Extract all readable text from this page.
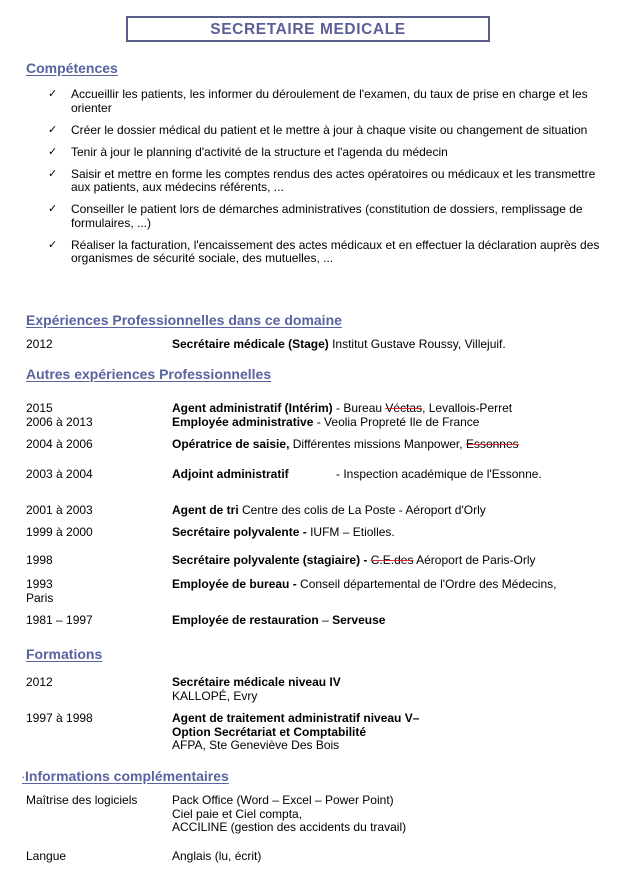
SECRETAIRE MEDICALE
Compétences
✓ Accueillir les patients, les informer du déroulement de l'examen, du taux de prise en charge et les orienter
✓ Créer le dossier médical du patient et le mettre à jour à chaque visite ou changement de situation
✓ Tenir à jour le planning d'activité de la structure et l'agenda du médecin
✓ Saisir et mettre en forme les comptes rendus des actes opératoires ou médicaux et les transmettre aux patients, aux médecins référents, ...
✓ Conseiller le patient lors de démarches administratives (constitution de dossiers, remplissage de formulaires, ...)
✓ Réaliser la facturation, l'encaissement des actes médicaux et en effectuer la déclaration auprès des organismes de sécurité sociale, des mutuelles, ...
Expériences Professionnelles dans ce domaine
2012	Secrétaire médicale (Stage) Institut Gustave Roussy, Villejuif.
Autres expériences Professionnelles
2015	Agent administratif (Intérim) - Bureau Véctas, Levallois-Perret
2006 à 2013	Employée administrative - Veolia Propreté Ile de France
2004 à 2006	Opératrice de saisie, Différentes missions Manpower, Essonnes
2003 à 2004	Adjoint administratif	- Inspection académique de l'Essonne.
2001 à 2003	Agent de tri Centre des colis de La Poste - Aéroport d'Orly
1999 à 2000	Secrétaire polyvalente - IUFM – Etiolles.
1998	Secrétaire polyvalente (stagiaire) - C.E.des Aéroport de Paris-Orly
1993	Employée de bureau - Conseil départemental de l'Ordre des Médecins,
Paris
1981 – 1997	Employée de restauration – Serveuse
Formations
2012	Secrétaire médicale niveau IV
KALLOPÉ, Evry
1997 à 1998	Agent de traitement administratif niveau V–
Option Secrétariat et Comptabilité
AFPA, Ste Geneviève Des Bois
·Informations complémentaires
Maîtrise des logiciels	Pack Office (Word – Excel – Power Point)
Ciel paie et Ciel compta,
ACCILINE (gestion des accidents du travail)
Langue	Anglais (lu, écrit)
